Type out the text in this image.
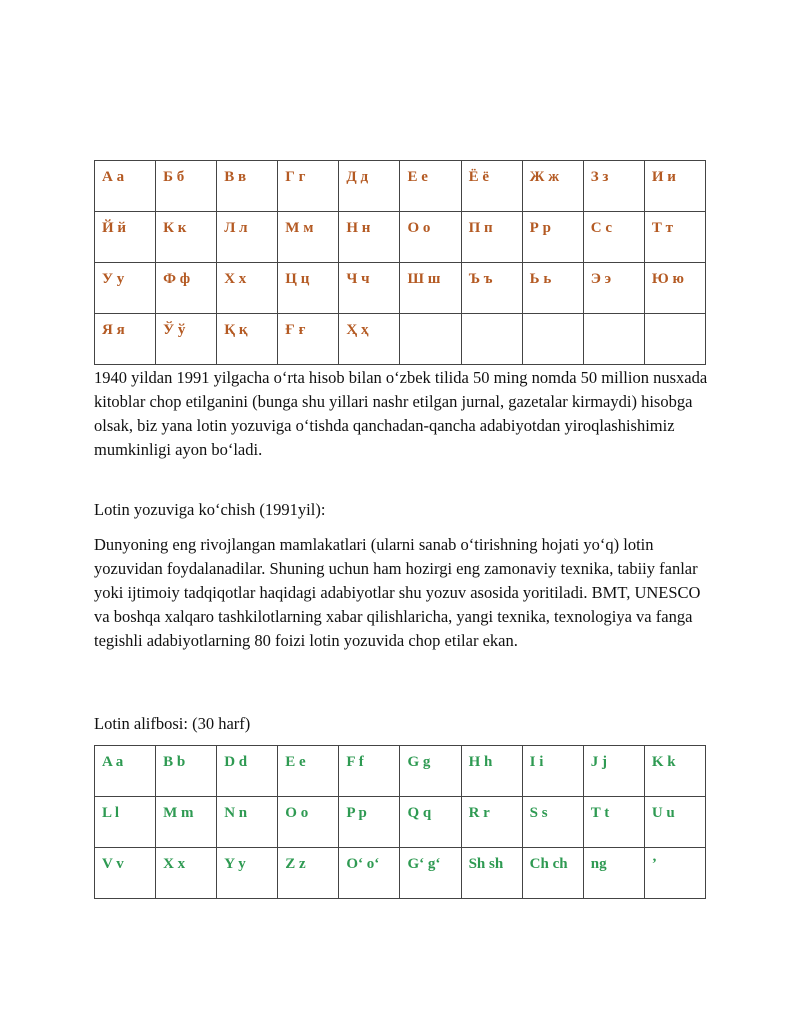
А а	Б б	В в	Г г	Д д	Е е	Ё ё	Ж ж	З з	И и
Й й	К к	Л л	М м	Н н	О о	П п	Р р	С с	Т т
У у	Ф ф	Х х	Ц ц	Ч ч	Ш ш	Ъ ъ	Ь ь	Э э	Ю ю
Я я	Ў ў	Қ қ	Ғ ғ	Ҳ ҳ					

1940 yildan 1991 yilgacha o‘rta hisob bilan o‘zbek tilida 50 ming nomda 50 million nusxada kitoblar chop etilganini (bunga shu yillari nashr etilgan jurnal, gazetalar kirmaydi) hisobga olsak, biz yana lotin yozuviga o‘tishda qanchadan-qancha adabiyotdan yiroqlashishimiz mumkinligi ayon bo‘ladi.

Lotin yozuviga ko‘chish (1991yil):

Dunyoning eng rivojlangan mamlakatlari (ularni sanab o‘tirishning hojati yo‘q) lotin yozuvidan foydalanadilar. Shuning uchun ham hozirgi eng zamonaviy texnika, tabiiy fanlar yoki ijtimoiy tadqiqotlar haqidagi adabiyotlar shu yozuv asosida yoritiladi. BMT, UNESCO va boshqa xalqaro tashkilotlarning xabar qilishlaricha, yangi texnika, texnologiya va fanga tegishli adabiyotlarning 80 foizi lotin yozuvida chop etilar ekan.

Lotin alifbosi: (30 harf)

A a	B b	D d	E e	F f	G g	H h	I i	J j	K k
L l	M m	N n	O o	P p	Q q	R r	S s	T t	U u
V v	X x	Y y	Z z	O‘ o‘	G‘ g‘	Sh sh	Ch ch	ng	’
